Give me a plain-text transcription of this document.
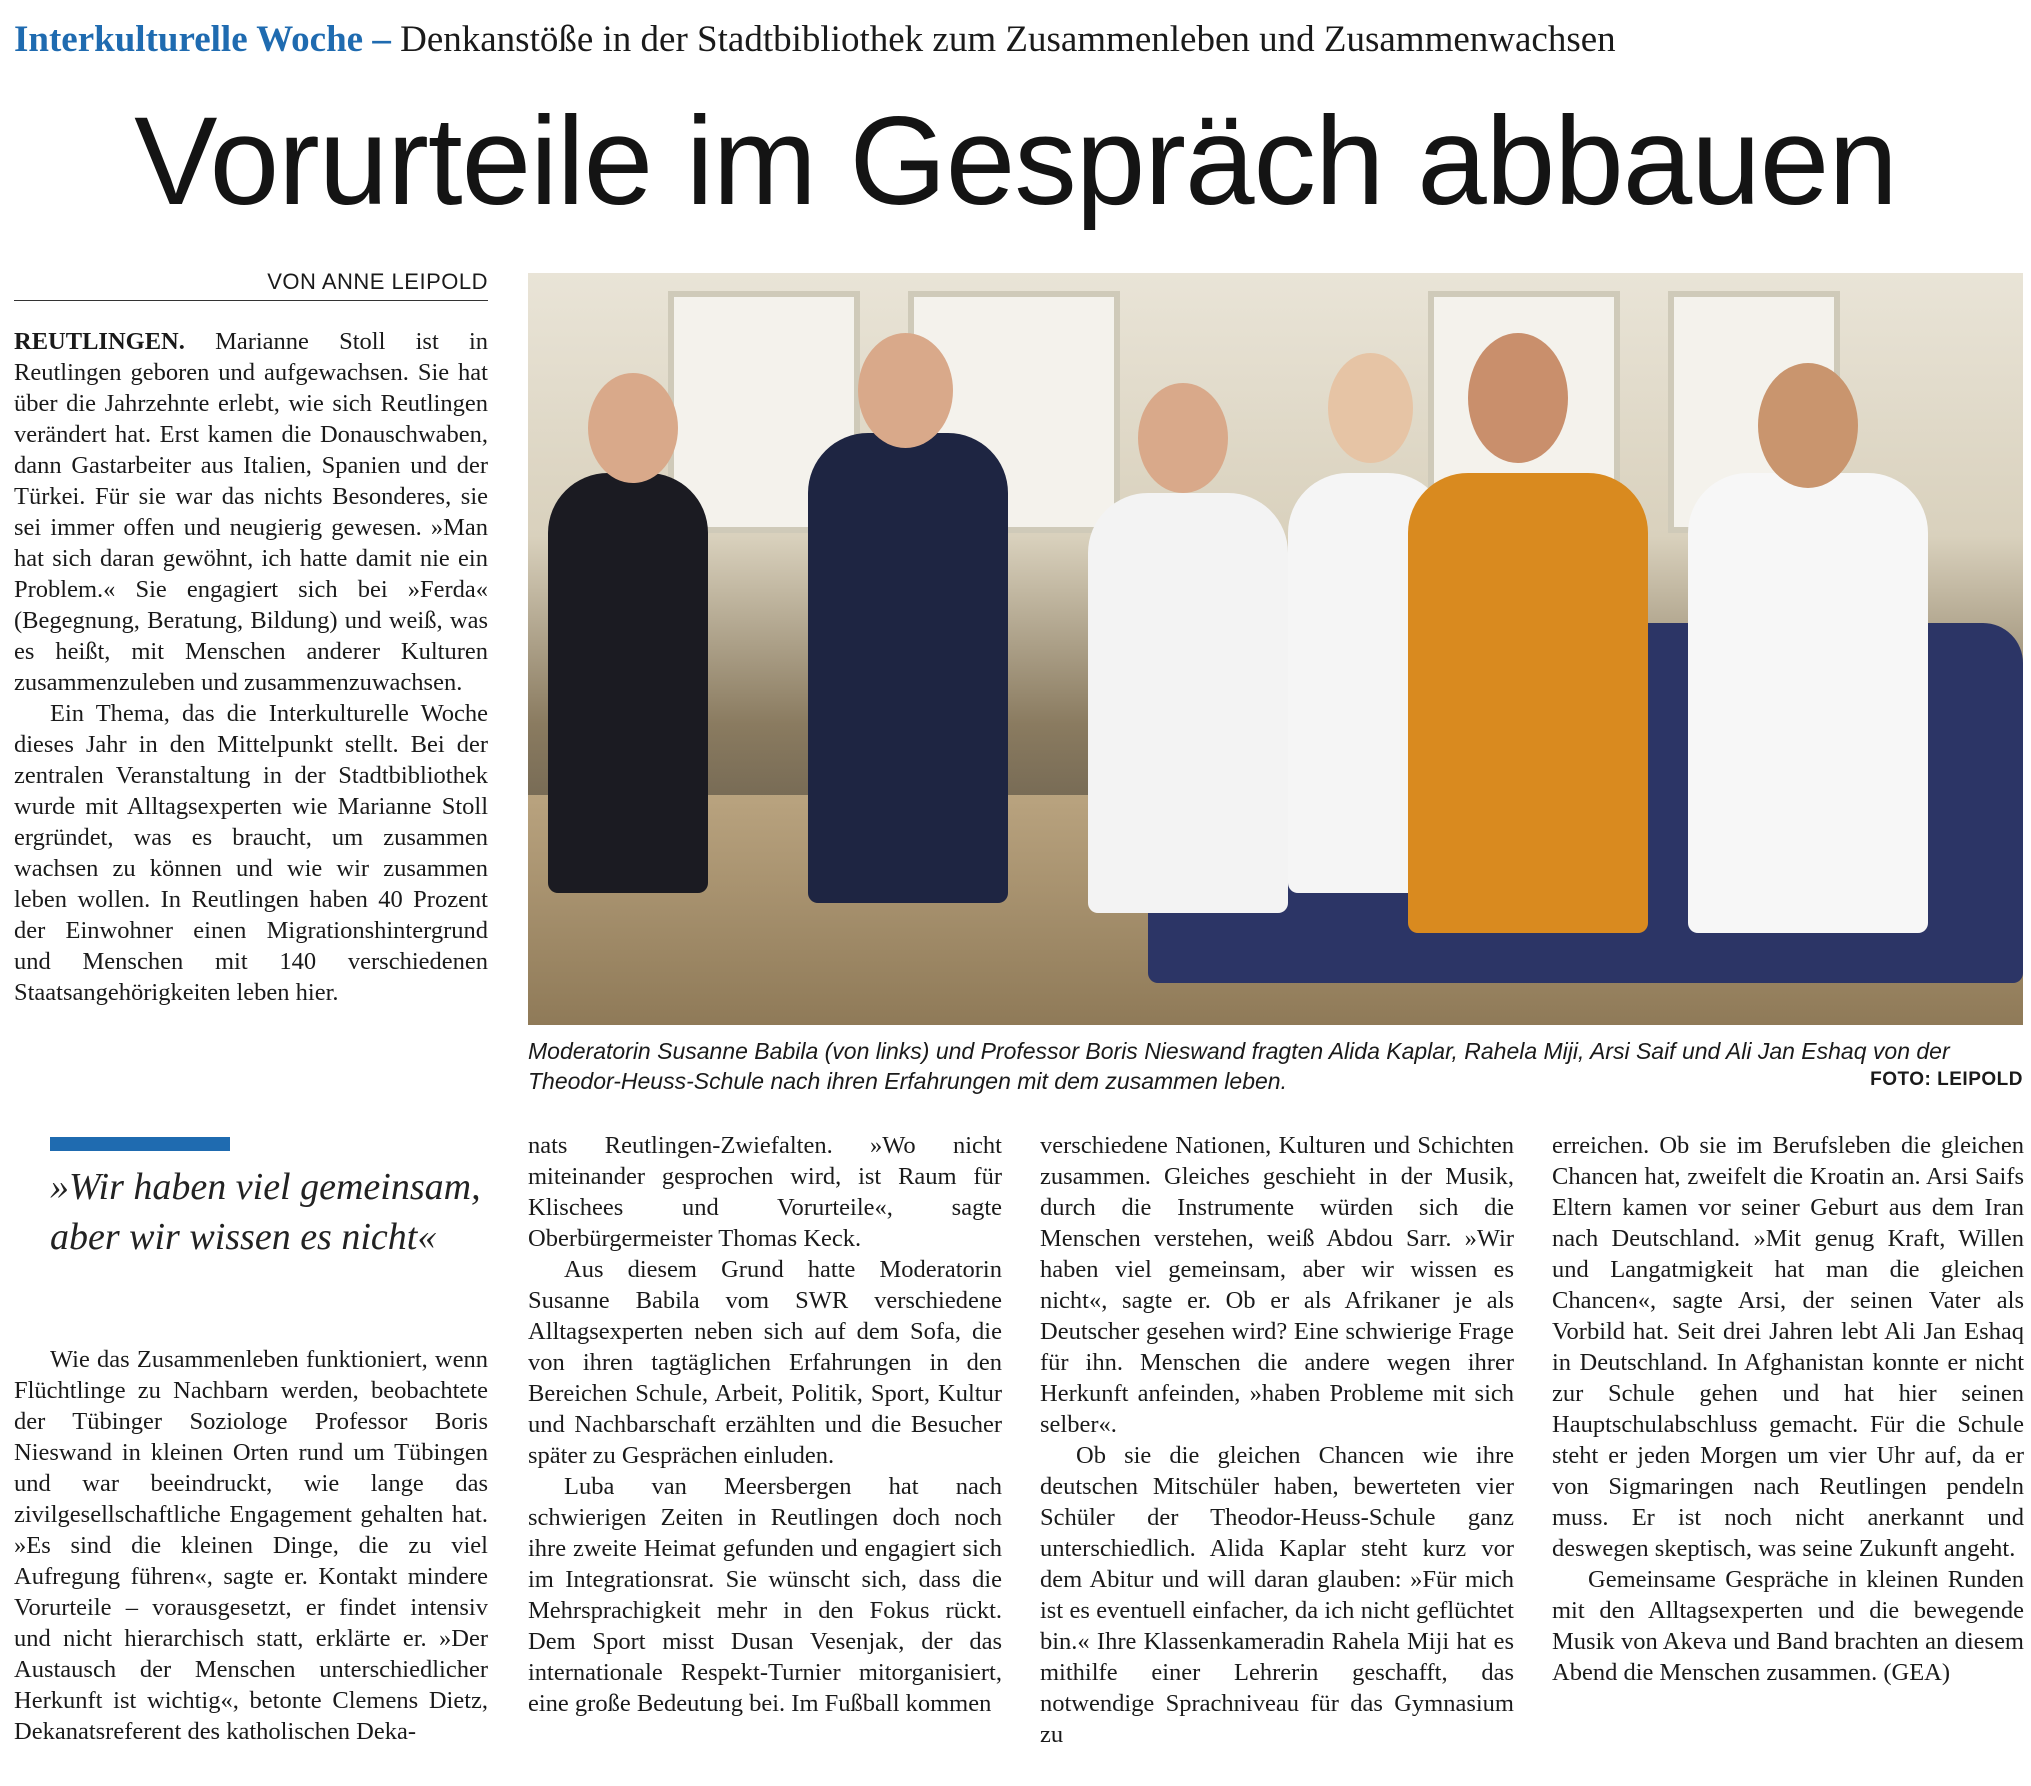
Interkulturelle Woche – Denkanstöße in der Stadtbibliothek zum Zusammenleben und Zusammenwachsen
Vorurteile im Gespräch abbauen
VON ANNE LEIPOLD

REUTLINGEN. Marianne Stoll ist in Reutlingen geboren und aufgewachsen. Sie hat über die Jahrzehnte erlebt, wie sich Reutlingen verändert hat. Erst kamen die Donauschwaben, dann Gastarbeiter aus Italien, Spanien und der Türkei. Für sie war das nichts Besonderes, sie sei immer offen und neugierig gewesen. »Man hat sich daran gewöhnt, ich hatte damit nie ein Problem.« Sie engagiert sich bei »Ferda« (Begegnung, Beratung, Bildung) und weiß, was es heißt, mit Menschen anderer Kulturen zusammenzuleben und zusammenzuwachsen.

Ein Thema, das die Interkulturelle Woche dieses Jahr in den Mittelpunkt stellt. Bei der zentralen Veranstaltung in der Stadtbibliothek wurde mit Alltagsexperten wie Marianne Stoll ergründet, was es braucht, um zusammen wachsen zu können und wie wir zusammen leben wollen. In Reutlingen haben 40 Prozent der Einwohner einen Migrationshintergrund und Menschen mit 140 verschiedenen Staatsangehörigkeiten leben hier.

Moderatorin Susanne Babila (von links) und Professor Boris Nieswand fragten Alida Kaplar, Rahela Miji, Arsi Saif und Ali Jan Eshaq von der Theodor-Heuss-Schule nach ihren Erfahrungen mit dem zusammen leben.	FOTO: LEIPOLD
»Wir haben viel gemeinsam, aber wir wissen es nicht«

Wie das Zusammenleben funktioniert, wenn Flüchtlinge zu Nachbarn werden, beobachtete der Tübinger Soziologe Professor Boris Nieswand in kleinen Orten rund um Tübingen und war beeindruckt, wie lange das zivilgesellschaftliche Engagement gehalten hat. »Es sind die kleinen Dinge, die zu viel Aufregung führen«, sagte er. Kontakt mindere Vorurteile – vorausgesetzt, er findet intensiv und nicht hierarchisch statt, erklärte er. »Der Austausch der Menschen unterschiedlicher Herkunft ist wichtig«, betonte Clemens Dietz, Dekanatsreferent des katholischen Deka-

nats Reutlingen-Zwiefalten. »Wo nicht miteinander gesprochen wird, ist Raum für Klischees und Vorurteile«, sagte Oberbürgermeister Thomas Keck.

Aus diesem Grund hatte Moderatorin Susanne Babila vom SWR verschiedene Alltagsexperten neben sich auf dem Sofa, die von ihren tagtäglichen Erfahrungen in den Bereichen Schule, Arbeit, Politik, Sport, Kultur und Nachbarschaft erzählten und die Besucher später zu Gesprächen einluden.

Luba van Meersbergen hat nach schwierigen Zeiten in Reutlingen doch noch ihre zweite Heimat gefunden und engagiert sich im Integrationsrat. Sie wünscht sich, dass die Mehrsprachigkeit mehr in den Fokus rückt. Dem Sport misst Dusan Vesenjak, der das internationale Respekt-Turnier mitorganisiert, eine große Bedeutung bei. Im Fußball kommen

verschiedene Nationen, Kulturen und Schichten zusammen. Gleiches geschieht in der Musik, durch die Instrumente würden sich die Menschen verstehen, weiß Abdou Sarr. »Wir haben viel gemeinsam, aber wir wissen es nicht«, sagte er. Ob er als Afrikaner je als Deutscher gesehen wird? Eine schwierige Frage für ihn. Menschen die andere wegen ihrer Herkunft anfeinden, »haben Probleme mit sich selber«.

Ob sie die gleichen Chancen wie ihre deutschen Mitschüler haben, bewerteten vier Schüler der Theodor-Heuss-Schule ganz unterschiedlich. Alida Kaplar steht kurz vor dem Abitur und will daran glauben: »Für mich ist es eventuell einfacher, da ich nicht geflüchtet bin.« Ihre Klassenkameradin Rahela Miji hat es mithilfe einer Lehrerin geschafft, das notwendige Sprachniveau für das Gymnasium zu

erreichen. Ob sie im Berufsleben die gleichen Chancen hat, zweifelt die Kroatin an. Arsi Saifs Eltern kamen vor seiner Geburt aus dem Iran nach Deutschland. »Mit genug Kraft, Willen und Langatmigkeit hat man die gleichen Chancen«, sagte Arsi, der seinen Vater als Vorbild hat. Seit drei Jahren lebt Ali Jan Eshaq in Deutschland. In Afghanistan konnte er nicht zur Schule gehen und hat hier seinen Hauptschulabschluss gemacht. Für die Schule steht er jeden Morgen um vier Uhr auf, da er von Sigmaringen nach Reutlingen pendeln muss. Er ist noch nicht anerkannt und deswegen skeptisch, was seine Zukunft angeht.

Gemeinsame Gespräche in kleinen Runden mit den Alltagsexperten und die bewegende Musik von Akeva und Band brachten an diesem Abend die Menschen zusammen. (GEA)
